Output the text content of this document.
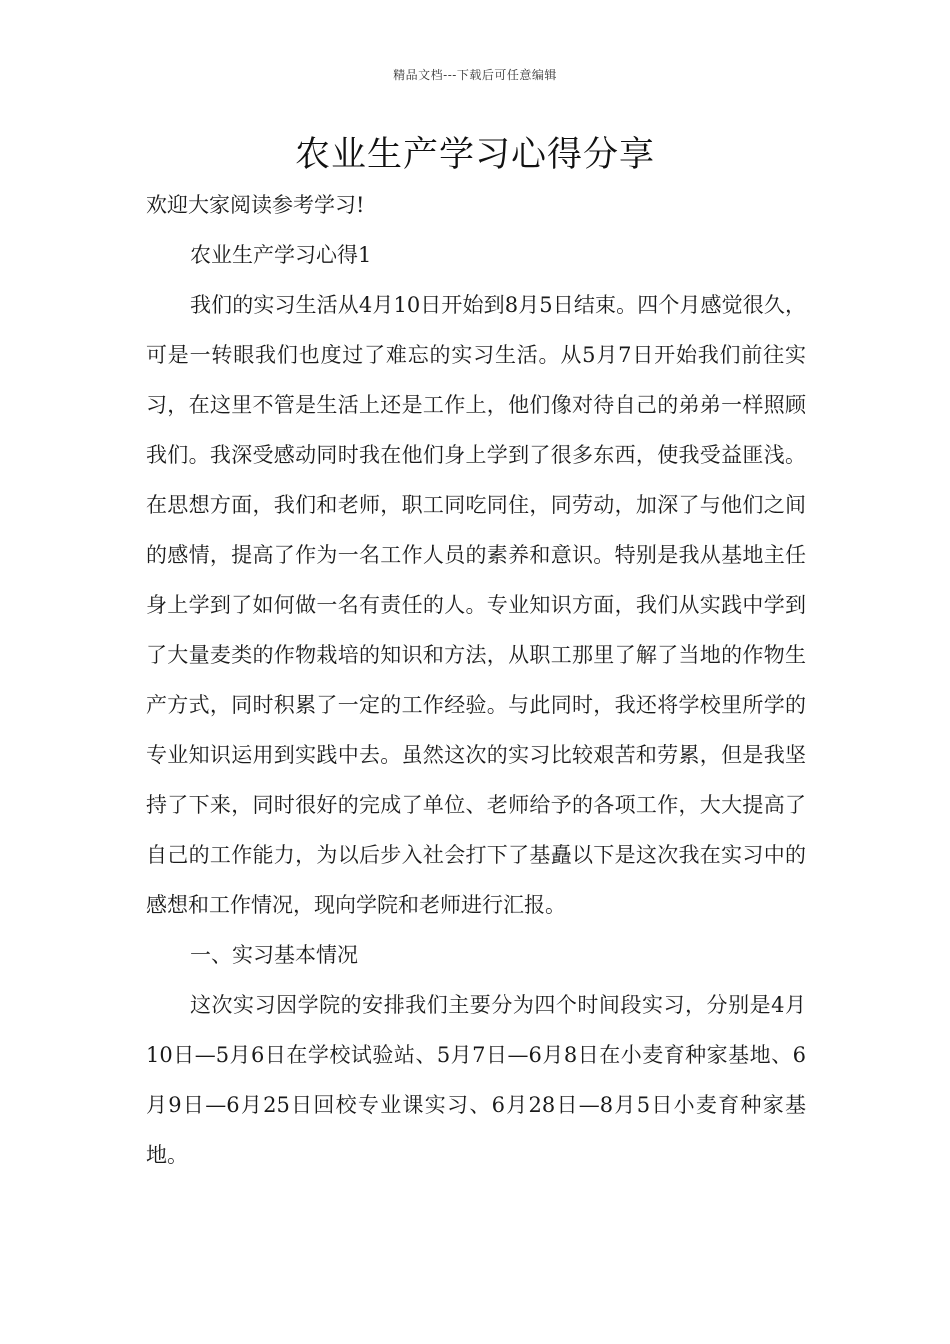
精品文档---下载后可任意编辑
农业生产学习心得分享

欢迎大家阅读参考学习!

农业生产学习心得1

我们的实习生活从4月10日开始到8月5日结束。四个月感觉很久，可是一转眼我们也度过了难忘的实习生活。从5月7日开始我们前往实习，在这里不管是生活上还是工作上，他们像对待自己的弟弟一样照顾我们。我深受感动同时我在他们身上学到了很多东西，使我受益匪浅。在思想方面，我们和老师，职工同吃同住，同劳动，加深了与他们之间的感情，提高了作为一名工作人员的素养和意识。特别是我从基地主任身上学到了如何做一名有责任的人。专业知识方面，我们从实践中学到了大量麦类的作物栽培的知识和方法，从职工那里了解了当地的作物生产方式，同时积累了一定的工作经验。与此同时，我还将学校里所学的专业知识运用到实践中去。虽然这次的实习比较艰苦和劳累，但是我坚持了下来，同时很好的完成了单位、老师给予的各项工作，大大提高了自己的工作能力，为以后步入社会打下了基矗以下是这次我在实习中的感想和工作情况，现向学院和老师进行汇报。

一、实习基本情况

这次实习因学院的安排我们主要分为四个时间段实习，分别是4月10日—5月6日在学校试验站、5月7日—6月8日在小麦育种家基地、6月9日—6月25日回校专业课实习、6月28日—8月5日小麦育种家基地。
